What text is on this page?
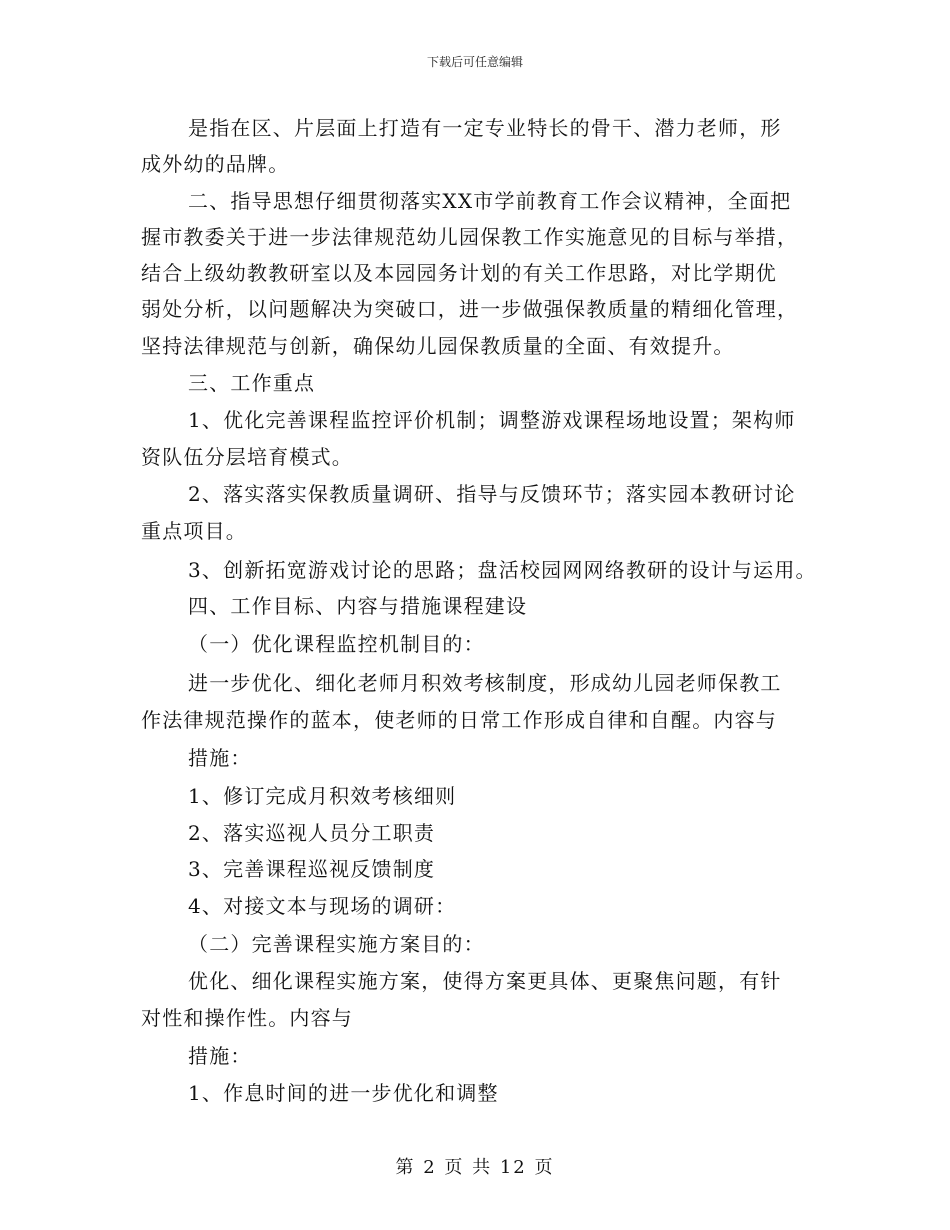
下载后可任意编辑
是指在区、片层面上打造有一定专业特长的骨干、潜力老师，形
成外幼的品牌。
二、指导思想仔细贯彻落实XX市学前教育工作会议精神，全面把
握市教委关于进一步法律规范幼儿园保教工作实施意见的目标与举措，
结合上级幼教教研室以及本园园务计划的有关工作思路，对比学期优
弱处分析，以问题解决为突破口，进一步做强保教质量的精细化管理，
坚持法律规范与创新，确保幼儿园保教质量的全面、有效提升。
三、工作重点
1、优化完善课程监控评价机制；调整游戏课程场地设置；架构师
资队伍分层培育模式。
2、落实落实保教质量调研、指导与反馈环节；落实园本教研讨论
重点项目。
3、创新拓宽游戏讨论的思路；盘活校园网网络教研的设计与运用。
四、工作目标、内容与措施课程建设
（一）优化课程监控机制目的：
进一步优化、细化老师月积效考核制度，形成幼儿园老师保教工
作法律规范操作的蓝本，使老师的日常工作形成自律和自醒。内容与
措施：
1、修订完成月积效考核细则
2、落实巡视人员分工职责
3、完善课程巡视反馈制度
4、对接文本与现场的调研：
（二）完善课程实施方案目的：
优化、细化课程实施方案，使得方案更具体、更聚焦问题，有针
对性和操作性。内容与
措施：
1、作息时间的进一步优化和调整
第 2 页 共 12 页
